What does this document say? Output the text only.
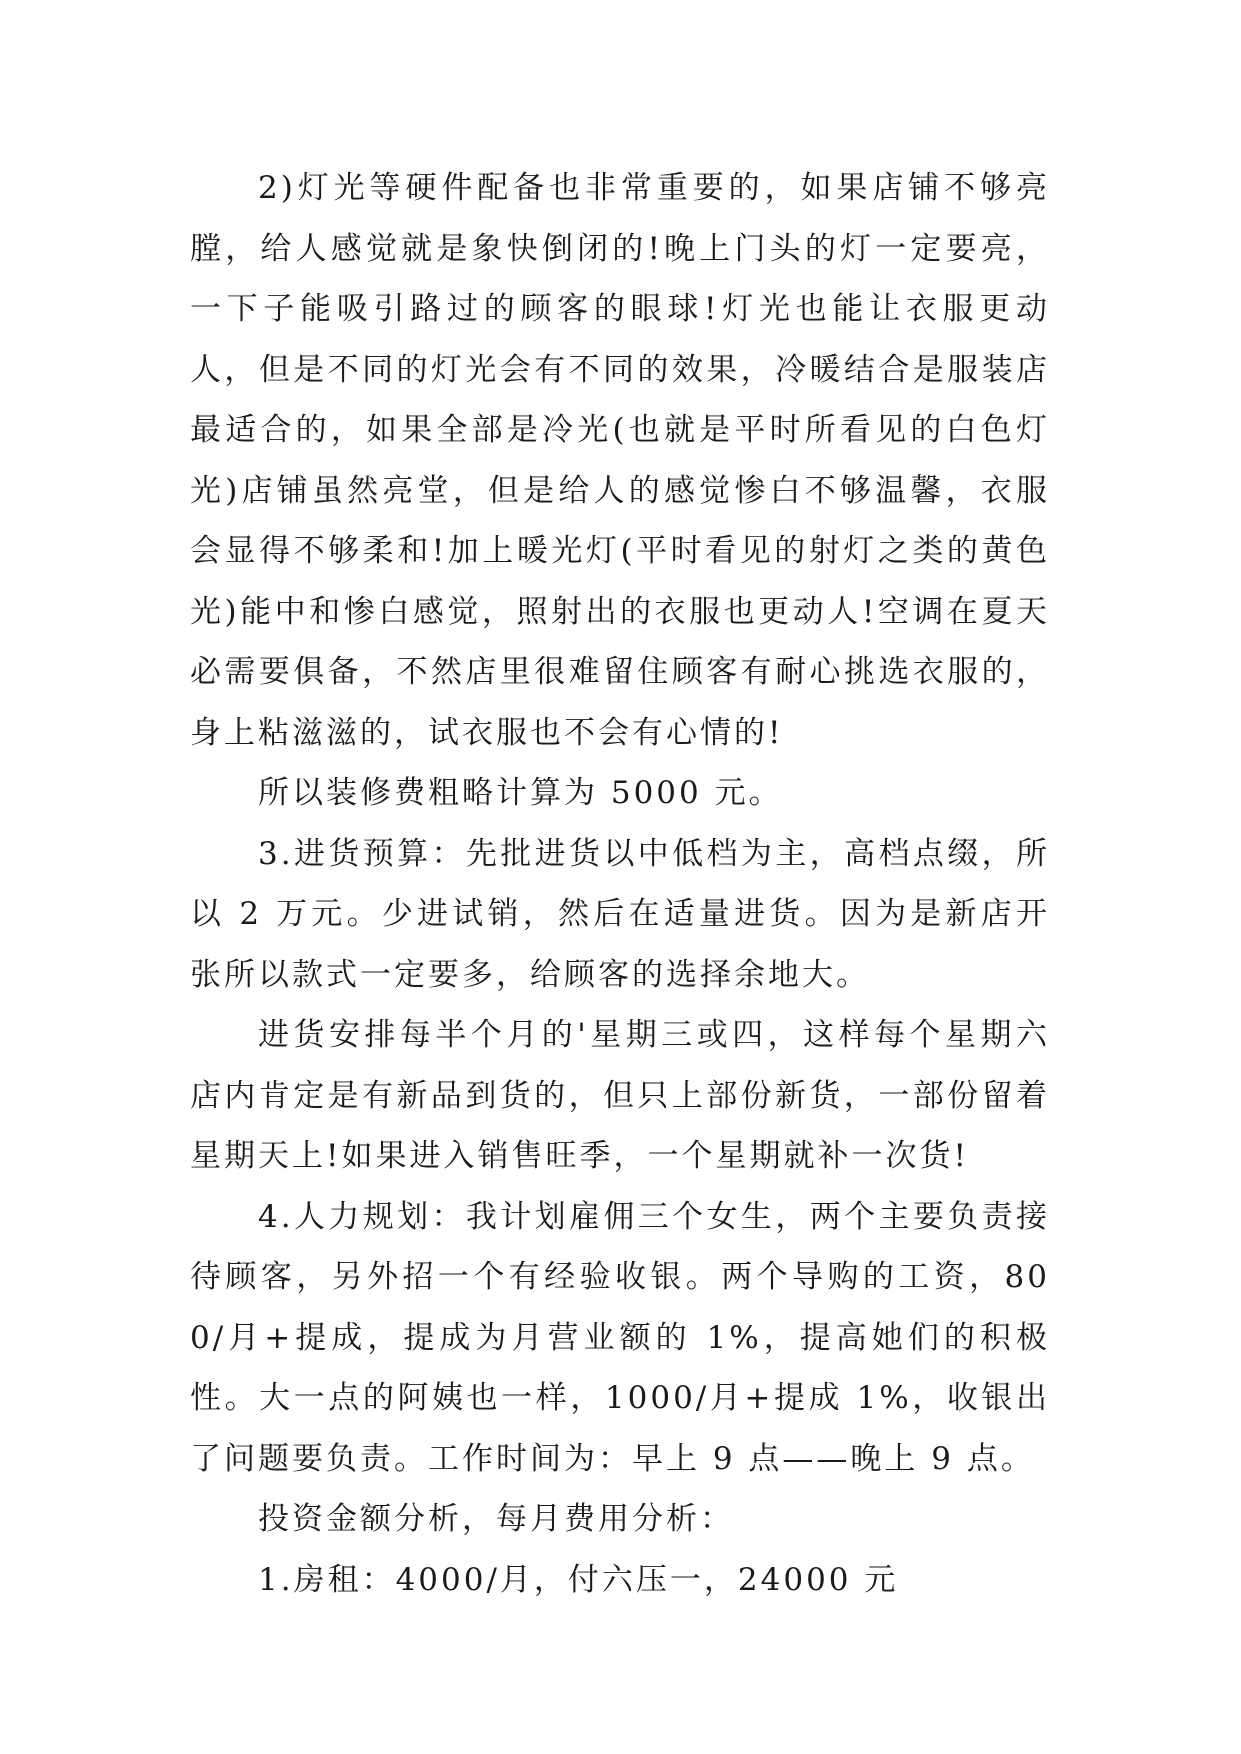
2)灯光等硬件配备也非常重要的，如果店铺不够亮膛，给人感觉就是象快倒闭的!晚上门头的灯一定要亮，一下子能吸引路过的顾客的眼球!灯光也能让衣服更动人，但是不同的灯光会有不同的效果，冷暖结合是服装店最适合的，如果全部是冷光(也就是平时所看见的白色灯光)店铺虽然亮堂，但是给人的感觉惨白不够温馨，衣服会显得不够柔和!加上暖光灯(平时看见的射灯之类的黄色光)能中和惨白感觉，照射出的衣服也更动人!空调在夏天必需要俱备，不然店里很难留住顾客有耐心挑选衣服的，身上粘滋滋的，试衣服也不会有心情的!

所以装修费粗略计算为 5000 元。

3.进货预算：先批进货以中低档为主，高档点缀，所以 2 万元。少进试销，然后在适量进货。因为是新店开张所以款式一定要多，给顾客的选择余地大。

进货安排每半个月的'星期三或四，这样每个星期六店内肯定是有新品到货的，但只上部份新货，一部份留着星期天上!如果进入销售旺季，一个星期就补一次货!

4.人力规划：我计划雇佣三个女生，两个主要负责接待顾客，另外招一个有经验收银。两个导购的工资，800/月+提成，提成为月营业额的 1%，提高她们的积极性。大一点的阿姨也一样，1000/月+提成 1%，收银出了问题要负责。工作时间为：早上 9 点——晚上 9 点。

投资金额分析，每月费用分析：

1.房租：4000/月，付六压一，24000 元
